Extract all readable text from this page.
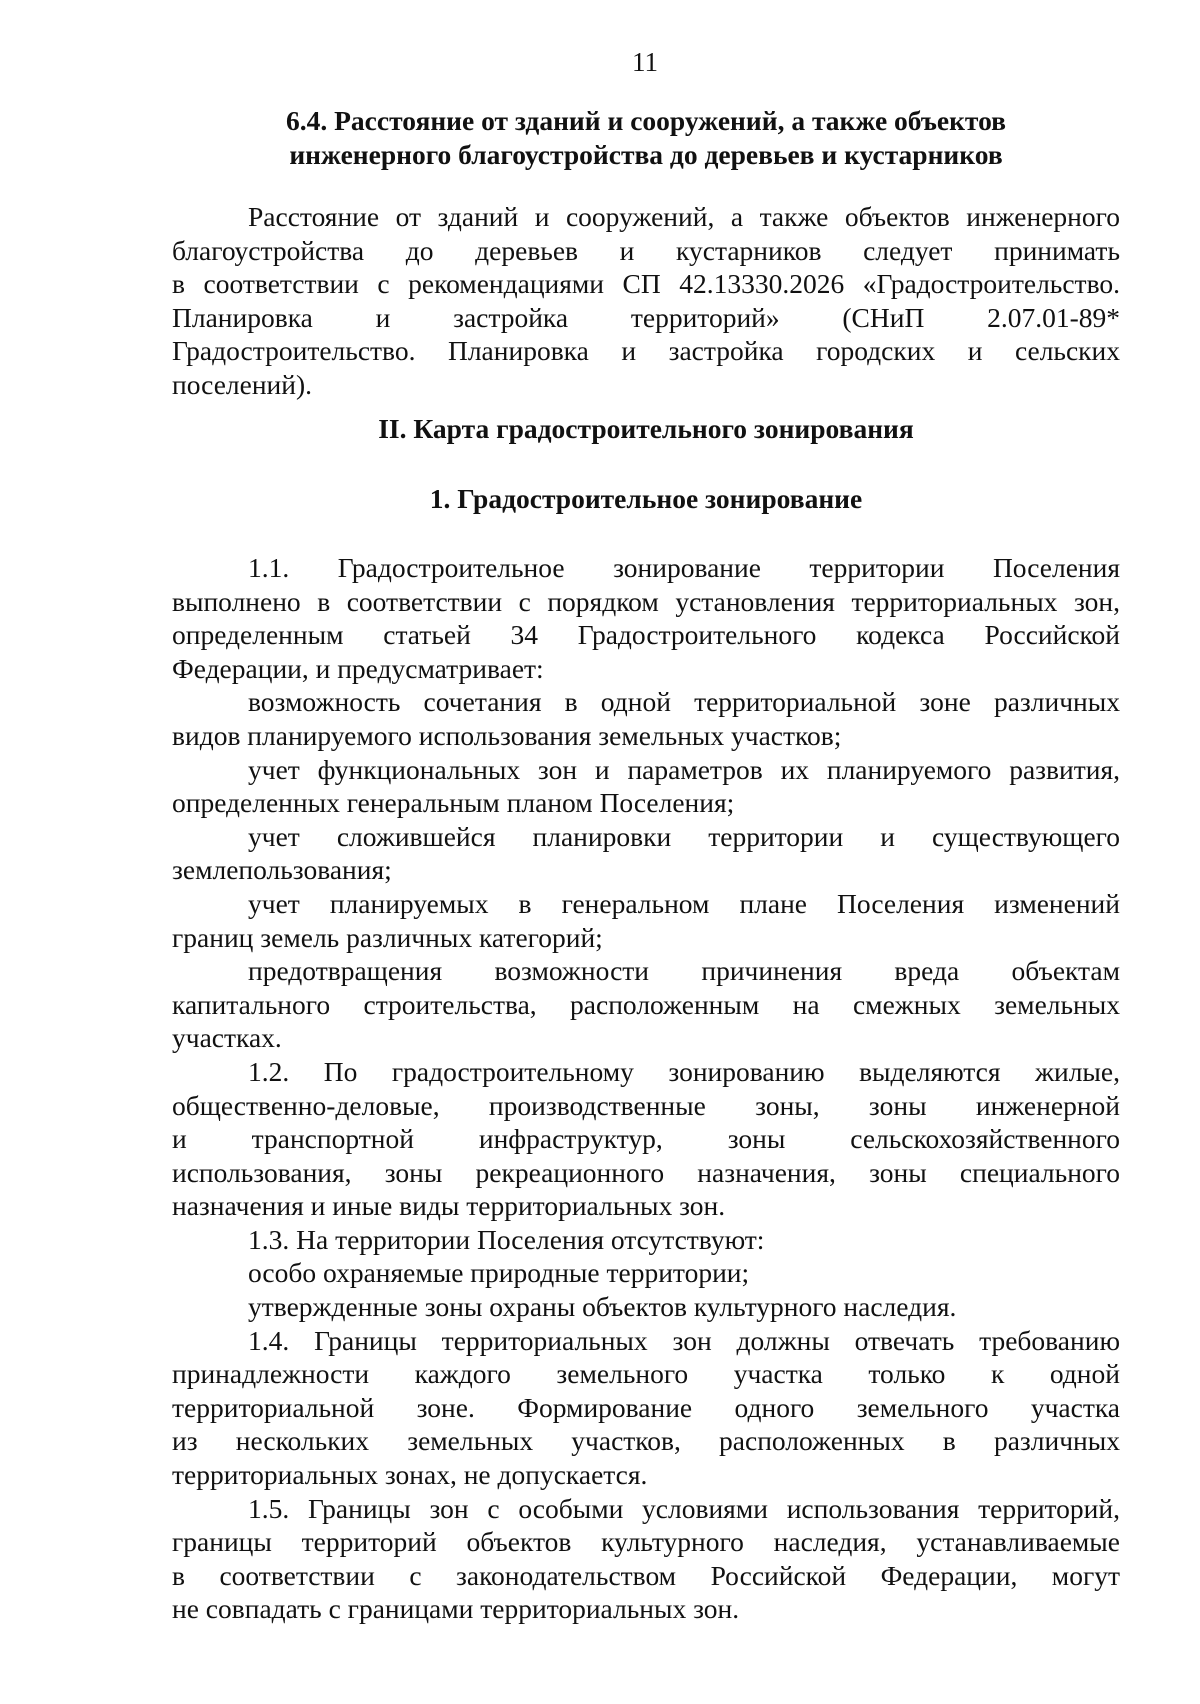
11
6.4. Расстояние от зданий и сооружений, а также объектов
инженерного благоустройства до деревьев и кустарников

Расстояние от зданий и сооружений, а также объектов инженерного

благоустройства до деревьев и кустарников следует принимать

в соответствии с рекомендациями СП 42.13330.2026 «Градостроительство.

Планировка и застройка территорий» (СНиП 2.07.01-89*

Градостроительство. Планировка и застройка городских и сельских

поселений).

II. Карта градостроительного зонирования
1. Градостроительное зонирование

1.1. Градостроительное зонирование территории Поселения

выполнено в соответствии с порядком установления территориальных зон,

определенным статьей 34 Градостроительного кодекса Российской

Федерации, и предусматривает:

возможность сочетания в одной территориальной зоне различных

видов планируемого использования земельных участков;

учет функциональных зон и параметров их планируемого развития,

определенных генеральным планом Поселения;

учет сложившейся планировки территории и существующего

землепользования;

учет планируемых в генеральном плане Поселения изменений

границ земель различных категорий;

предотвращения возможности причинения вреда объектам

капитального строительства, расположенным на смежных земельных

участках.

1.2. По градостроительному зонированию выделяются жилые,

общественно-деловые, производственные зоны, зоны инженерной

и транспортной инфраструктур, зоны сельскохозяйственного

использования, зоны рекреационного назначения, зоны специального

назначения и иные виды территориальных зон.

1.3. На территории Поселения отсутствуют:

особо охраняемые природные территории;

утвержденные зоны охраны объектов культурного наследия.

1.4. Границы территориальных зон должны отвечать требованию

принадлежности каждого земельного участка только к одной

территориальной зоне. Формирование одного земельного участка

из нескольких земельных участков, расположенных в различных

территориальных зонах, не допускается.

1.5. Границы зон с особыми условиями использования территорий,

границы территорий объектов культурного наследия, устанавливаемые

в соответствии с законодательством Российской Федерации, могут

не совпадать с границами территориальных зон.
